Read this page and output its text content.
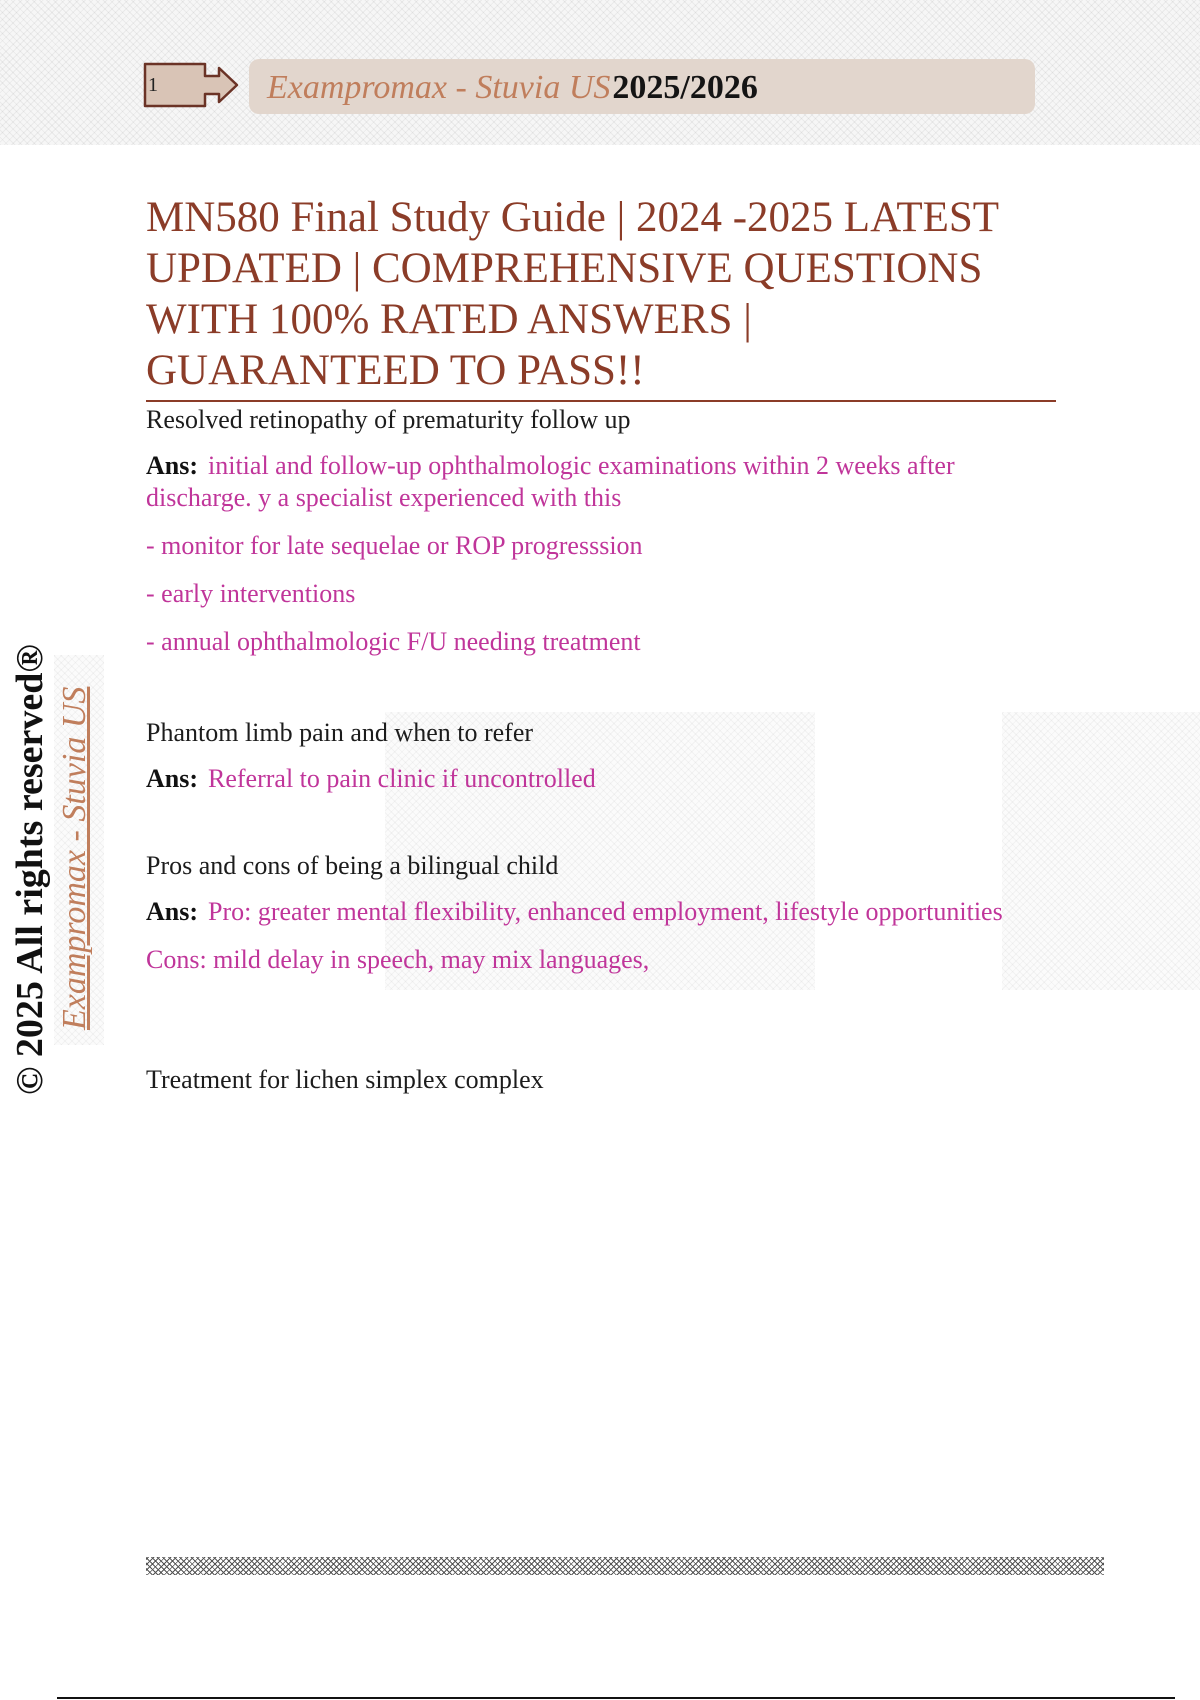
1	Exampromax - Stuvia US2025/2026
© 2025 All rights reserved® Exampromax - Stuvia US
MN580 Final Study Guide | 2024 -2025 LATEST UPDATED | COMPREHENSIVE QUESTIONS WITH 100% RATED ANSWERS | GUARANTEED TO PASS!!

Resolved retinopathy of prematurity follow up

Ans: initial and follow-up ophthalmologic examinations within 2 weeks after discharge. y a specialist experienced with this

- monitor for late sequelae or ROP progresssion

- early interventions

- annual ophthalmologic F/U needing treatment

Phantom limb pain and when to refer

Ans: Referral to pain clinic if uncontrolled

Pros and cons of being a bilingual child

Ans: Pro: greater mental flexibility, enhanced employment, lifestyle opportunities

Cons: mild delay in speech, may mix languages,

Treatment for lichen simplex complex
